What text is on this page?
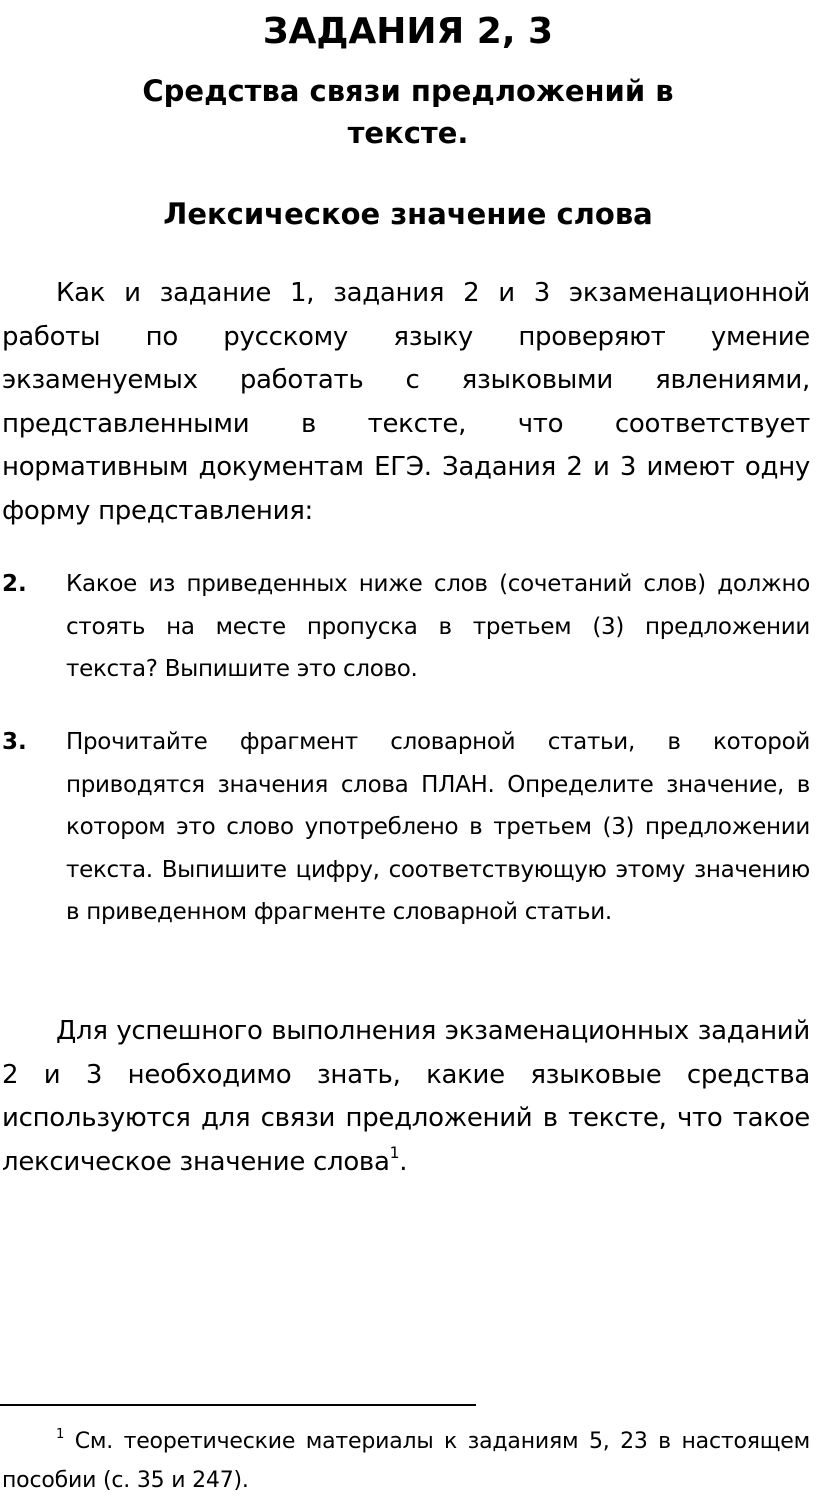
ЗАДАНИЯ 2, 3
Средства связи предложений в тексте.
Лексическое значение слова

Как и задание 1, задания 2 и 3 экзаменационной работы по русскому языку проверяют умение экзаменуемых работать с языковыми явлениями, представленными в тексте, что соответствует нормативным документам ЕГЭ. Задания 2 и 3 имеют одну форму представления:

2. Какое из приведенных ниже слов (сочетаний слов) должно стоять на месте пропуска в третьем (3) предложении текста? Выпишите это слово.

3. Прочитайте фрагмент словарной статьи, в которой приводятся значения слова ПЛАН. Определите значение, в котором это слово употреблено в третьем (3) предложении текста. Выпишите цифру, соответствующую этому значению в приведенном фрагменте словарной статьи.

Для успешного выполнения экзаменационных заданий 2 и 3 необходимо знать, какие языковые средства используются для связи предложений в тексте, что такое лексическое значение слова$^1$.

$^1$ См. теоретические материалы к заданиям 5, 23 в настоящем пособии (с. 35 и 247).
